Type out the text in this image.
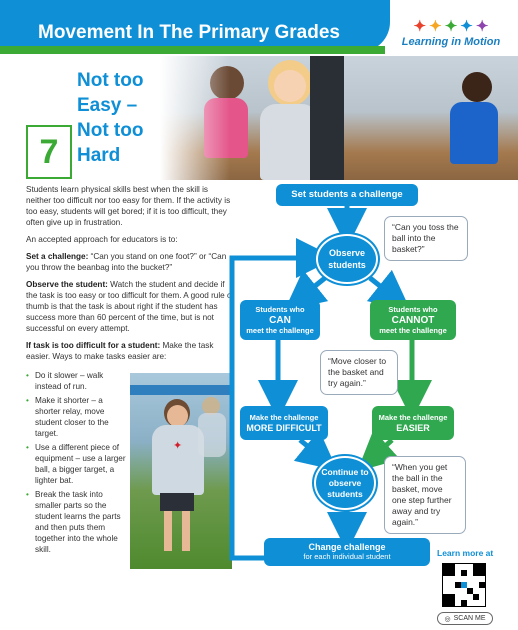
Movement In The Primary Grades	✦ ✦ ✦ ✦ ✦
Learning in Motion
Not too
Easy –
Not too
Hard
7

Students learn physical skills best when the skill is neither too difficult nor too easy for them. If the activity is too easy, students will get bored; if it is too difficult, they often give up in frustration.

An accepted approach for educators is to:

Set a challenge: “Can you stand on one foot?” or “Can you throw the beanbag into the bucket?”

Observe the student: Watch the student and decide if the task is too easy or too difficult for them. A good rule of thumb is that the task is about right if the student has success more than 60 percent of the time, but is not successful on every attempt.

If task is too difficult for a student: Make the task easier. Ways to make tasks easier are:

• Do it slower – walk instead of run.
• Make it shorter – a shorter relay, move student closer to the target.
• Use a different piece of equipment – use a larger ball, a bigger target, a lighter bat.
• Break the task into smaller parts so the student learns the parts and then puts them together into the whole skill.
✦
Set students a challenge
“Can you toss the ball into the basket?”
Observe
students
Students who
CAN
meet the challenge
Students who
CANNOT
meet the challenge
“Move closer to the basket and try again.”
Make the challenge
MORE DIFFICULT
Make the challenge
EASIER
Continue to
observe
students
“When you get the ball in the basket, move one step further away and try again.”
Change challenge
for each individual student	Learn more at
◎ SCAN ME
